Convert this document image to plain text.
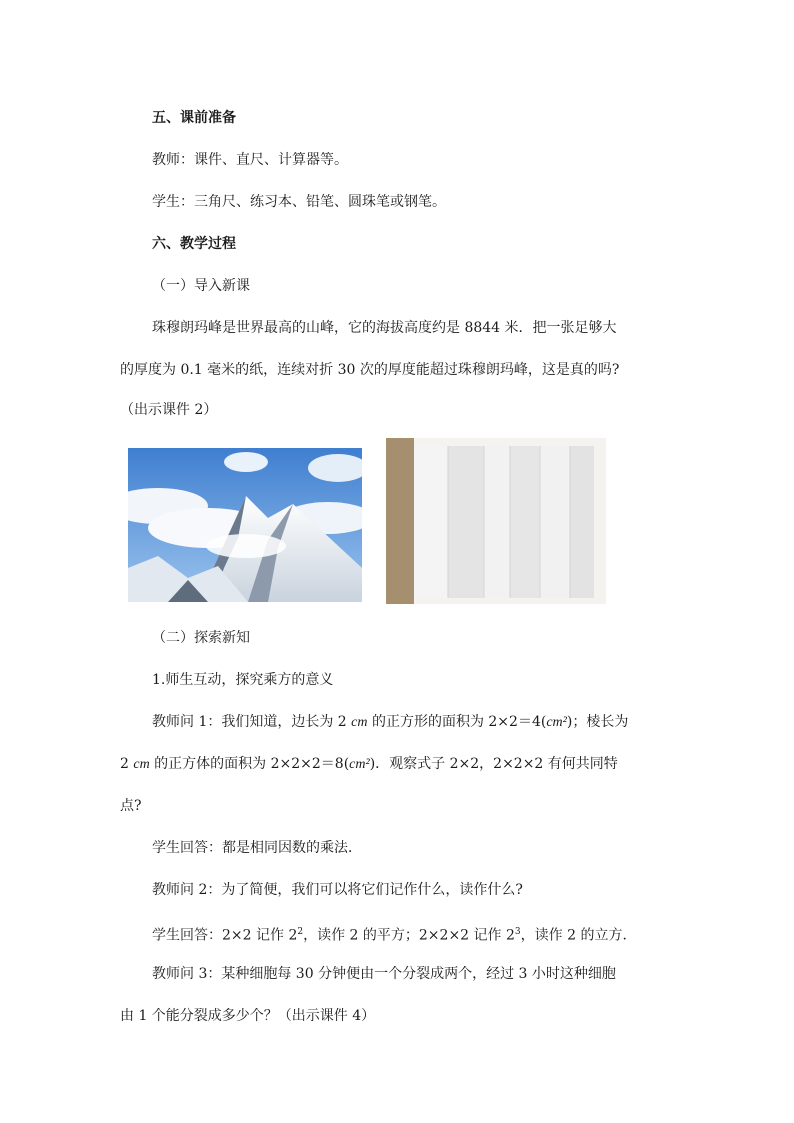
五、课前准备
教师：课件、直尺、计算器等。
学生：三角尺、练习本、铅笔、圆珠笔或钢笔。
六、教学过程
（一）导入新课
珠穆朗玛峰是世界最高的山峰，它的海拔高度约是 8844 米．把一张足够大
的厚度为 0.1 毫米的纸，连续对折 30 次的厚度能超过珠穆朗玛峰，这是真的吗?
（出示课件 2）
（二）探索新知
1.师生互动，探究乘方的意义
教师问 1：我们知道，边长为 2 cm 的正方形的面积为 2×2＝4(cm²)；棱长为
2 cm 的正方体的面积为 2×2×2＝8(cm²)．观察式子 2×2，2×2×2 有何共同特
点?
学生回答：都是相同因数的乘法．
教师问 2：为了简便，我们可以将它们记作什么，读作什么?
学生回答：2×2 记作 $2^2$，读作 2 的平方；2×2×2 记作 $2^3$，读作 2 的立方．
教师问 3：某种细胞每 30 分钟便由一个分裂成两个，经过 3 小时这种细胞
由 1 个能分裂成多少个？（出示课件 4）
